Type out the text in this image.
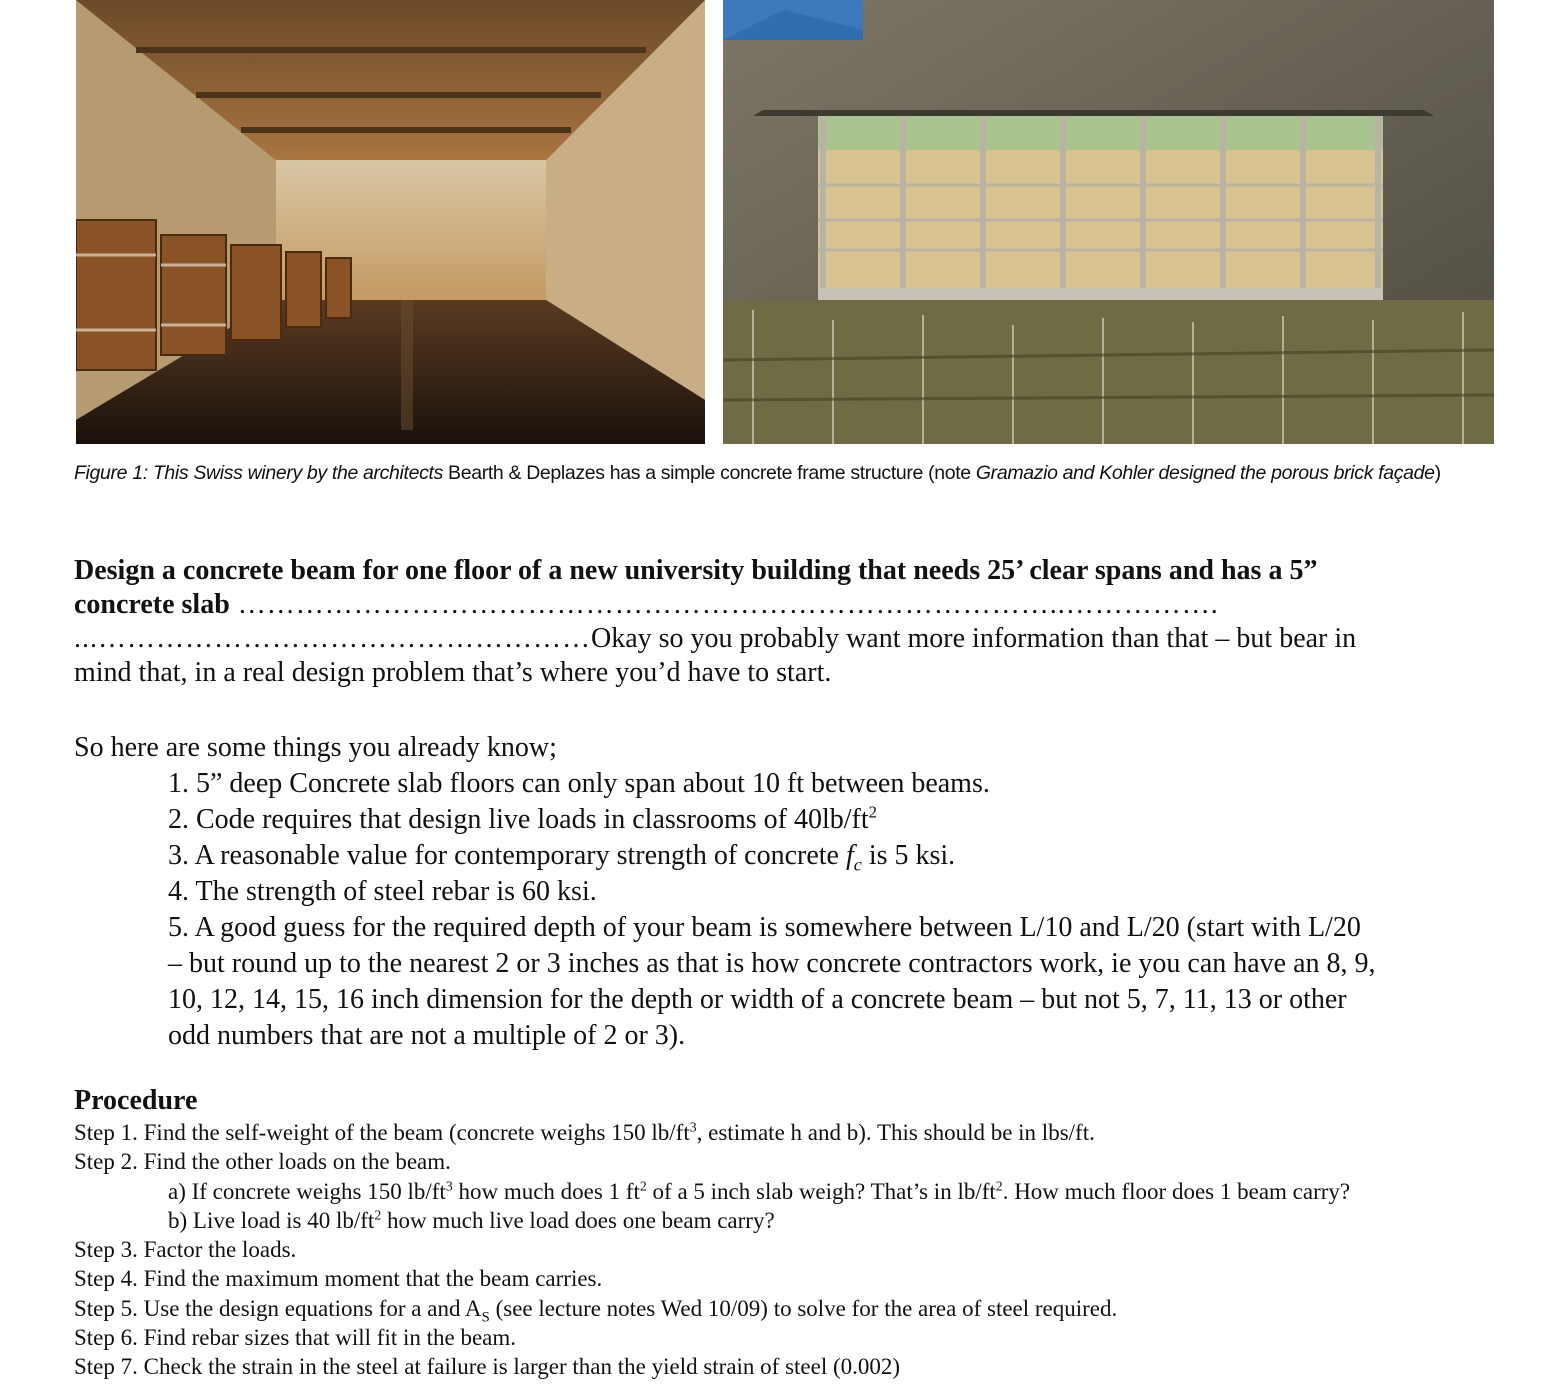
Figure 1: This Swiss winery by the architects Bearth & Deplazes has a simple concrete frame structure (note Gramazio and Kohler designed the porous brick façade)
Design a concrete beam for one floor of a new university building that needs 25’ clear spans and has a 5”
concrete slab …………………………………………………………………………..…………….
...……………………………………………Okay so you probably want more information than that – but bear in
mind that, in a real design problem that’s where you’d have to start.
So here are some things you already know;
1. 5” deep Concrete slab floors can only span about 10 ft between beams.
2. Code requires that design live loads in classrooms of $40lb/ft^2$
3. A reasonable value for contemporary strength of concrete $f_c$ is 5 ksi.
4. The strength of steel rebar is 60 ksi.
5. A good guess for the required depth of your beam is somewhere between L/10 and L/20 (start with L/20
– but round up to the nearest 2 or 3 inches as that is how concrete contractors work, ie you can have an 8, 9,
10, 12, 14, 15, 16 inch dimension for the depth or width of a concrete beam – but not 5, 7, 11, 13 or other
odd numbers that are not a multiple of 2 or 3).
Procedure
Step 1. Find the self-weight of the beam (concrete weighs 150 $lb/ft^3$, estimate h and b). This should be in lbs/ft.
Step 2. Find the other loads on the beam.
a) If concrete weighs 150 $lb/ft^3$ how much does 1 $ft^2$ of a 5 inch slab weigh? That’s in $lb/ft^2$. How much floor does 1 beam carry?
b) Live load is 40 $lb/ft^2$ how much live load does one beam carry?
Step 3. Factor the loads.
Step 4. Find the maximum moment that the beam carries.
Step 5. Use the design equations for a and $A_S$ (see lecture notes Wed 10/09) to solve for the area of steel required.
Step 6. Find rebar sizes that will fit in the beam.
Step 7. Check the strain in the steel at failure is larger than the yield strain of steel (0.002)
